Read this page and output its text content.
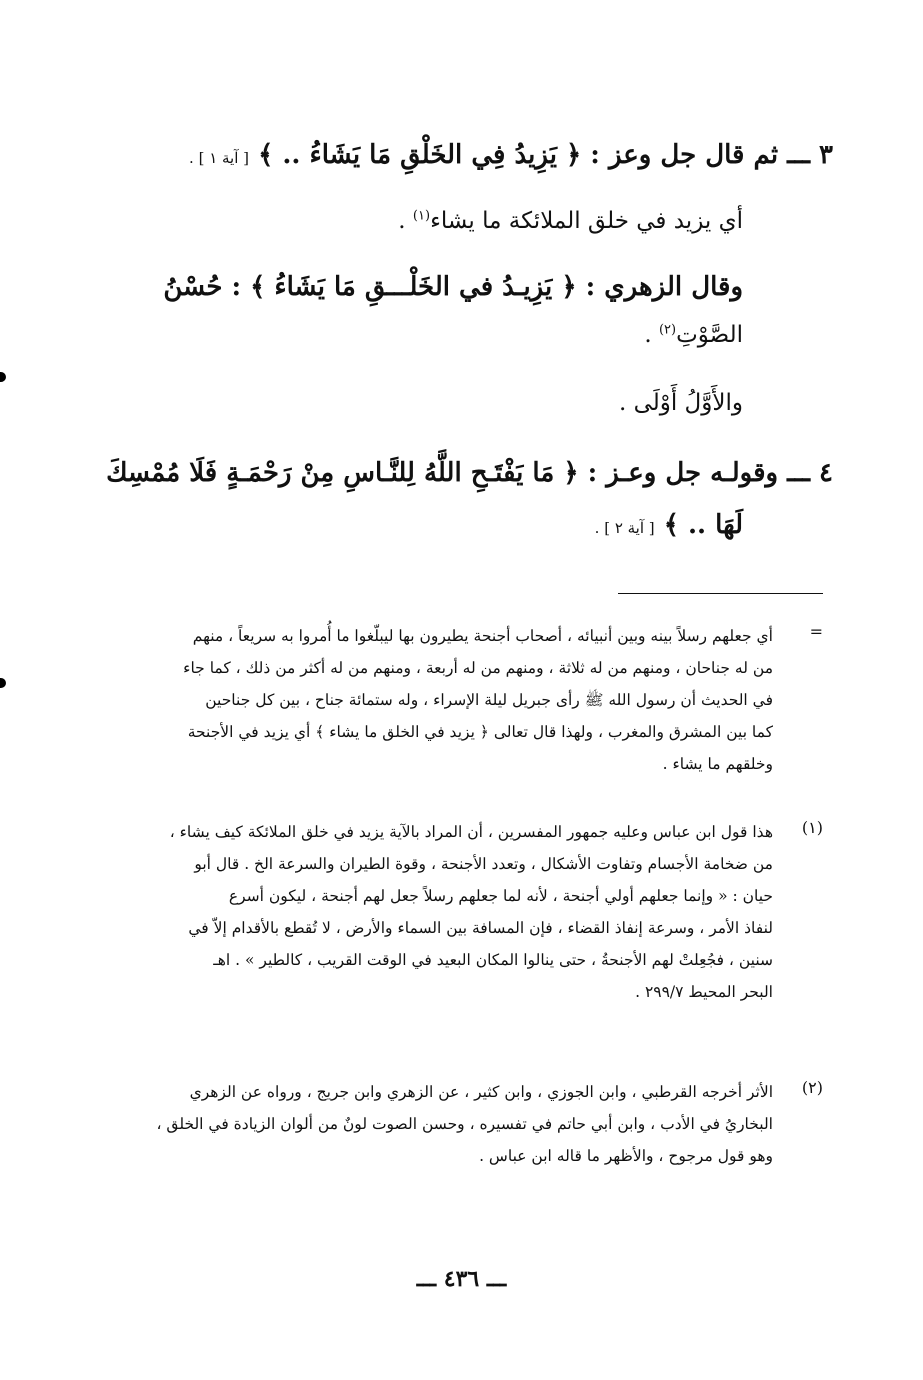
٣ ـــ ثم قال جل وعز : ﴿ يَزِيدُ فِي الخَلْقِ مَا يَشَاءُ .. ﴾ [ آية ١ ] .
أي يزيد في خلق الملائكة ما يشاء$^{(١)}$ .
وقال الزهري : ﴿ يَزِيـدُ في الخَلْـــقِ مَا يَشَاءُ ﴾ : حُسْنُ
الصَّوْتِ$^{(٢)}$ .
والأَوَّلُ أَوْلَى .
٤ ـــ وقولـه جل وعـز : ﴿ مَا يَفْتَـحِ اللَّهُ لِلنَّـاسِ مِنْ رَحْمَـةٍ فَلَا مُمْسِكَ
لَهَا .. ﴾ [ آية ٢ ] .
=
أي جعلهم رسلاً بينه وبين أنبيائه ، أصحاب أجنحة يطيرون بها ليبلّغوا ما أُمروا به سريعاً ، منهم
من له جناحان ، ومنهم من له ثلاثة ، ومنهم من له أربعة ، ومنهم من له أكثر من ذلك ، كما جاء
في الحديث أن رسول الله ﷺ رأى جبريل ليلة الإسراء ، وله ستمائة جناح ، بين كل جناحين
كما بين المشرق والمغرب ، ولهذا قال تعالى ﴿ يزيد في الخلق ما يشاء ﴾ أي يزيد في الأجنحة
وخلقهم ما يشاء .
(١)
هذا قول ابن عباس وعليه جمهور المفسرين ، أن المراد بالآية يزيد في خلق الملائكة كيف يشاء ،
من ضخامة الأجسام وتفاوت الأشكال ، وتعدد الأجنحة ، وقوة الطيران والسرعة الخ . قال أبو
حيان : « وإنما جعلهم أولي أجنحة ، لأنه لما جعلهم رسلاً جعل لهم أجنحة ، ليكون أسرع
لنفاذ الأمر ، وسرعة إنفاذ القضاء ، فإن المسافة بين السماء والأرض ، لا تُقطع بالأقدام إلاّ في
سنين ، فجُعِلتْ لهم الأجنحةُ ، حتى ينالوا المكان البعيد في الوقت القريب ، كالطير » . اهـ
البحر المحيط ٢٩٩/٧ .
(٢)
الأثر أخرجه القرطبي ، وابن الجوزي ، وابن كثير ، عن الزهري وابن جريج ، ورواه عن الزهري
البخاريُ في الأدب ، وابن أبي حاتم في تفسيره ، وحسن الصوت لونٌ من ألوان الزيادة في الخلق ،
وهو قول مرجوح ، والأظهر ما قاله ابن عباس .
ـــ ٤٣٦ ـــ
